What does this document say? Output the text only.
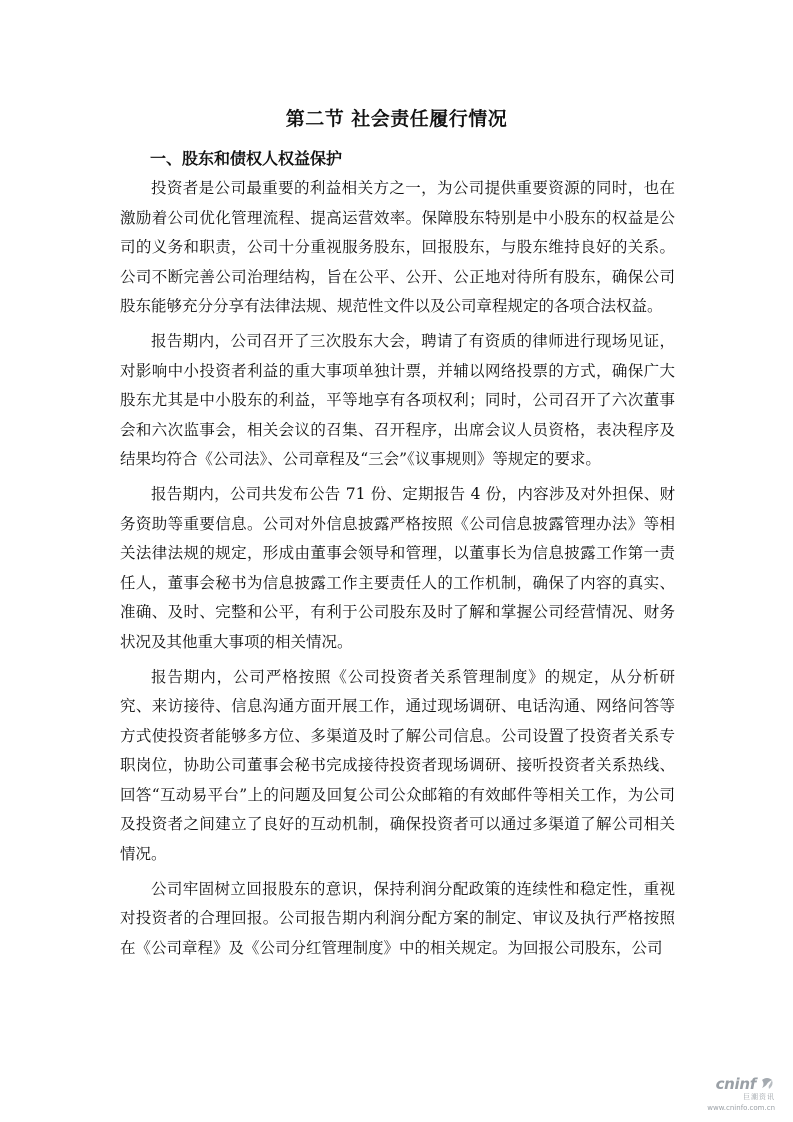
第二节 社会责任履行情况
一、股东和债权人权益保护

投资者是公司最重要的利益相关方之一，为公司提供重要资源的同时，也在激励着公司优化管理流程、提高运营效率。保障股东特别是中小股东的权益是公司的义务和职责，公司十分重视服务股东，回报股东，与股东维持良好的关系。公司不断完善公司治理结构，旨在公平、公开、公正地对待所有股东，确保公司股东能够充分分享有法律法规、规范性文件以及公司章程规定的各项合法权益。

报告期内，公司召开了三次股东大会，聘请了有资质的律师进行现场见证，对影响中小投资者利益的重大事项单独计票，并辅以网络投票的方式，确保广大股东尤其是中小股东的利益，平等地享有各项权利；同时，公司召开了六次董事会和六次监事会，相关会议的召集、召开程序，出席会议人员资格，表决程序及结果均符合《公司法》、公司章程及“三会”《议事规则》等规定的要求。

报告期内，公司共发布公告 71 份、定期报告 4 份，内容涉及对外担保、财务资助等重要信息。公司对外信息披露严格按照《公司信息披露管理办法》等相关法律法规的规定，形成由董事会领导和管理，以董事长为信息披露工作第一责任人，董事会秘书为信息披露工作主要责任人的工作机制，确保了内容的真实、准确、及时、完整和公平，有利于公司股东及时了解和掌握公司经营情况、财务状况及其他重大事项的相关情况。

报告期内，公司严格按照《公司投资者关系管理制度》的规定，从分析研究、来访接待、信息沟通方面开展工作，通过现场调研、电话沟通、网络问答等方式使投资者能够多方位、多渠道及时了解公司信息。公司设置了投资者关系专职岗位，协助公司董事会秘书完成接待投资者现场调研、接听投资者关系热线、回答“互动易平台”上的问题及回复公司公众邮箱的有效邮件等相关工作，为公司及投资者之间建立了良好的互动机制，确保投资者可以通过多渠道了解公司相关情况。

公司牢固树立回报股东的意识，保持利润分配政策的连续性和稳定性，重视对投资者的合理回报。公司报告期内利润分配方案的制定、审议及执行严格按照在《公司章程》及《公司分红管理制度》中的相关规定。为回报公司股东，公司

cninf
巨潮资讯
www.cninfo.com.cn
